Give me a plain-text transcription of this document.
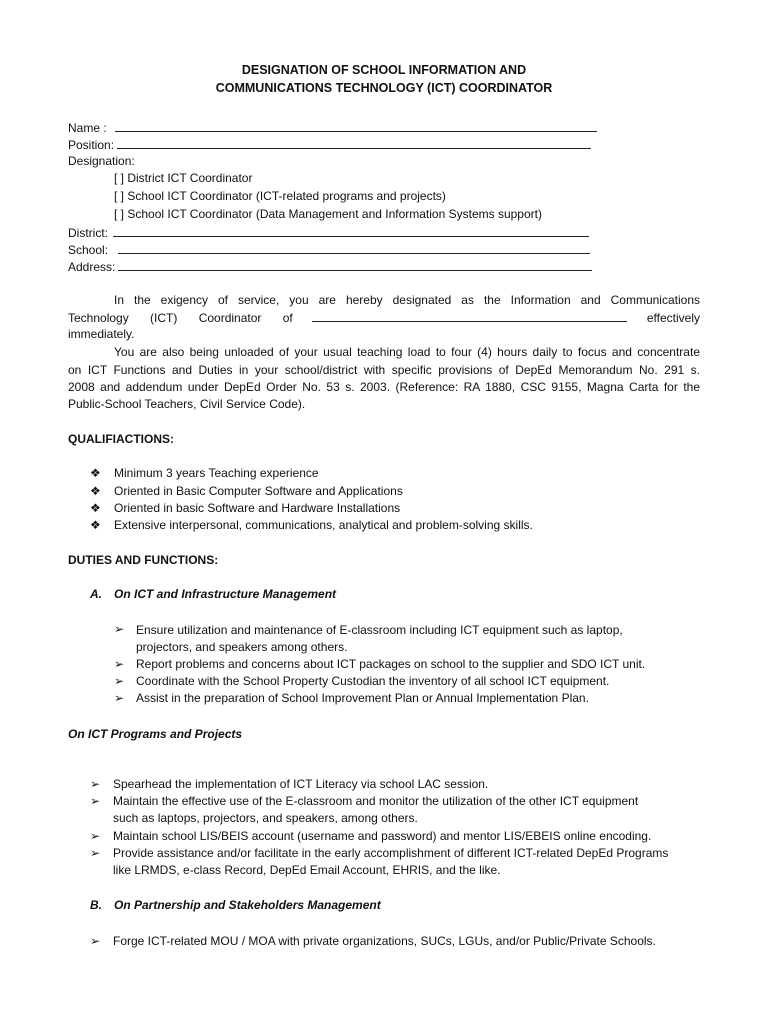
DESIGNATION OF SCHOOL INFORMATION AND
COMMUNICATIONS TECHNOLOGY (ICT) COORDINATOR
Name :
Position:
Designation:
[ ] District ICT Coordinator
[ ] School ICT Coordinator (ICT-related programs and projects)
[ ] School ICT Coordinator (Data Management and Information Systems support)
District:
School:
Address:
In the exigency of service, you are hereby designated as the Information and Communications
Technology (ICT) Coordinator of	effectively
immediately.
You are also being unloaded of your usual teaching load to four (4) hours daily to focus and concentrate
on ICT Functions and Duties in your school/district with specific provisions of DepEd Memorandum No. 291 s.
2008 and addendum under DepEd Order No. 53 s. 2003. (Reference: RA 1880, CSC 9155, Magna Carta for the
Public-School Teachers, Civil Service Code).
QUALIFIACTIONS:
❖ Minimum 3 years Teaching experience
❖ Oriented in Basic Computer Software and Applications
❖ Oriented in basic Software and Hardware Installations
❖ Extensive interpersonal, communications, analytical and problem-solving skills.
DUTIES AND FUNCTIONS:
A. On ICT and Infrastructure Management
➢ Ensure utilization and maintenance of E-classroom including ICT equipment such as laptop,
projectors, and speakers among others.
➢ Report problems and concerns about ICT packages on school to the supplier and SDO ICT unit.
➢ Coordinate with the School Property Custodian the inventory of all school ICT equipment.
➢ Assist in the preparation of School Improvement Plan or Annual Implementation Plan.
On ICT Programs and Projects
➢ Spearhead the implementation of ICT Literacy via school LAC session.
➢ Maintain the effective use of the E-classroom and monitor the utilization of the other ICT equipment
such as laptops, projectors, and speakers, among others.
➢ Maintain school LIS/BEIS account (username and password) and mentor LIS/EBEIS online encoding.
➢ Provide assistance and/or facilitate in the early accomplishment of different ICT-related DepEd Programs
like LRMDS, e-class Record, DepEd Email Account, EHRIS, and the like.
B. On Partnership and Stakeholders Management
➢ Forge ICT-related MOU / MOA with private organizations, SUCs, LGUs, and/or Public/Private Schools.
